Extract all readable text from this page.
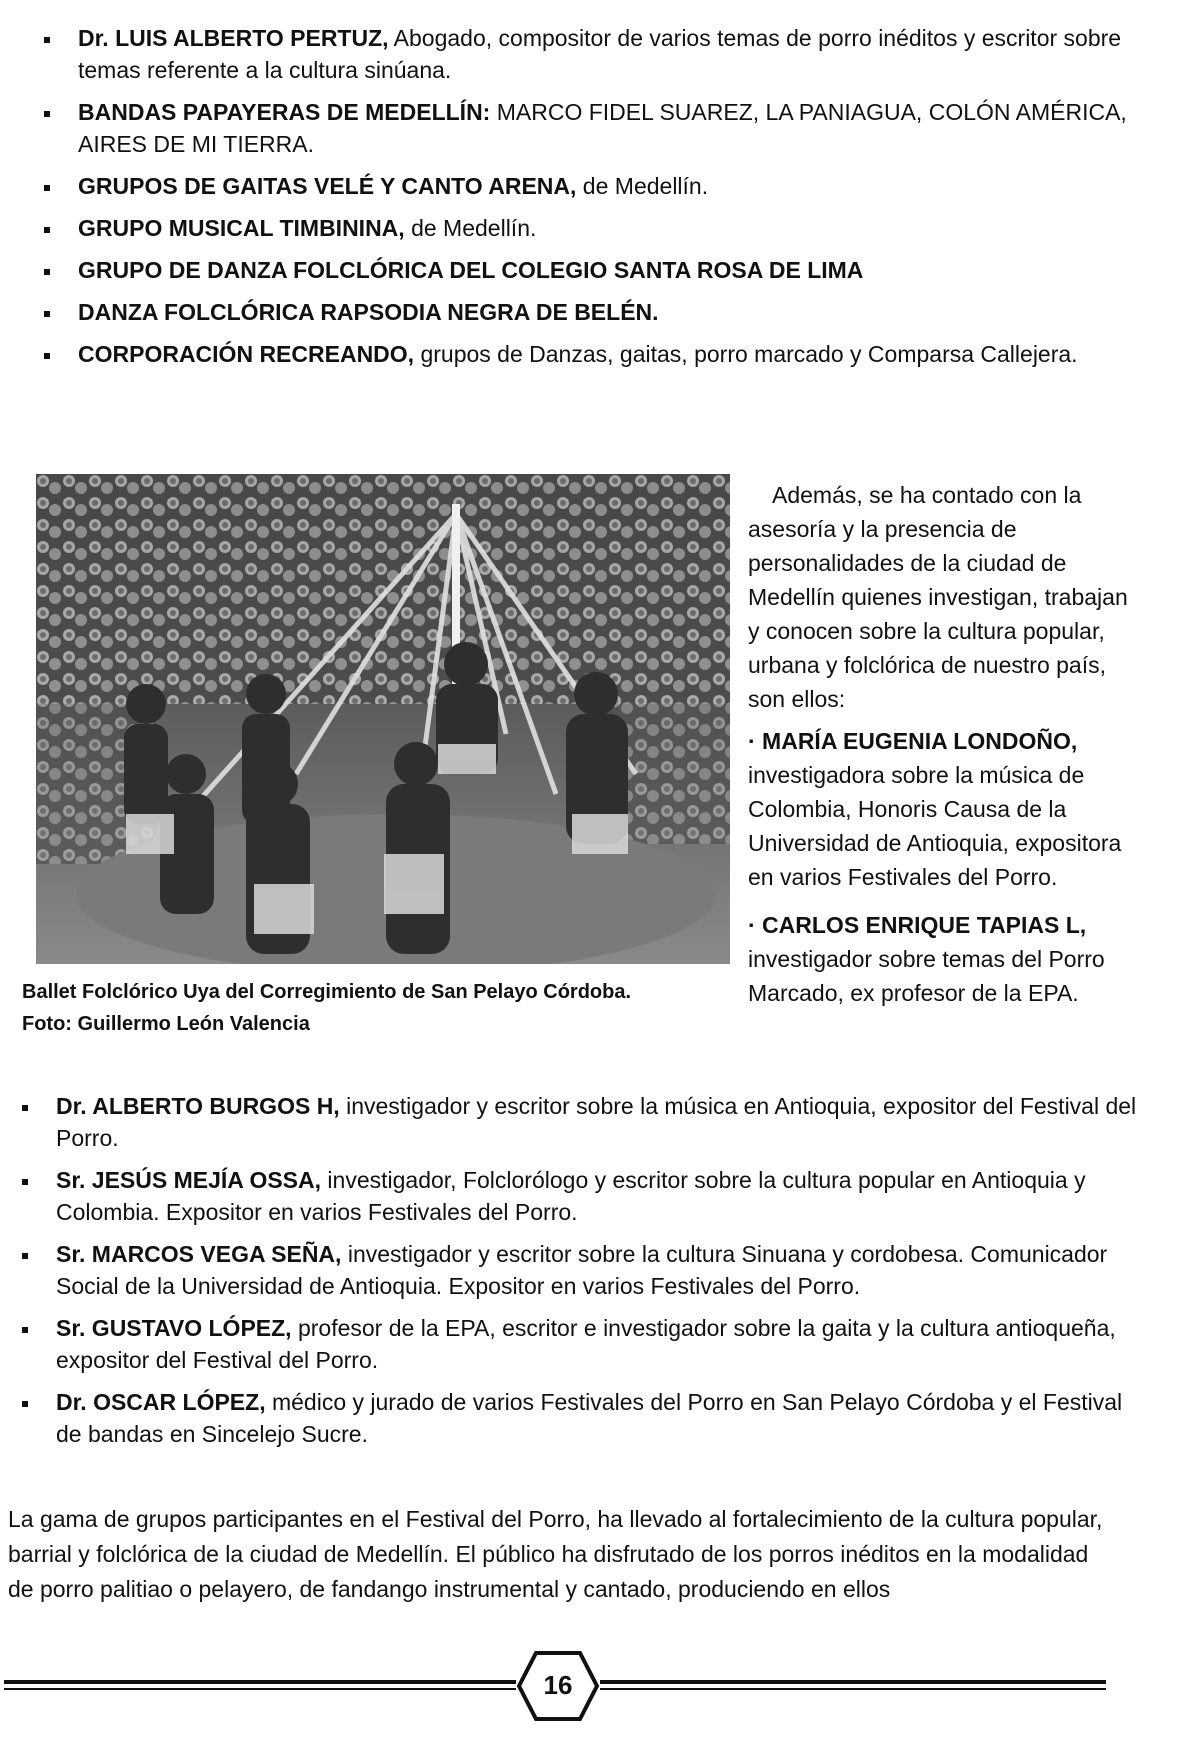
Dr. LUIS ALBERTO PERTUZ, Abogado, compositor de varios temas de porro inéditos y escritor sobre temas referente a la cultura sinúana.
BANDAS PAPAYERAS DE MEDELLÍN: MARCO FIDEL SUAREZ, LA PANIAGUA, COLÓN AMÉRICA, AIRES DE MI TIERRA.
GRUPOS DE GAITAS VELÉ Y CANTO ARENA, de Medellín.
GRUPO MUSICAL TIMBININA, de Medellín.
GRUPO DE DANZA FOLCLÓRICA DEL COLEGIO SANTA ROSA DE LIMA
DANZA FOLCLÓRICA RAPSODIA NEGRA DE BELÉN.
CORPORACIÓN RECREANDO, grupos de Danzas, gaitas, porro marcado y Comparsa Callejera.
Ballet Folclórico Uya del Corregimiento de San Pelayo Córdoba.
Foto: Guillermo León Valencia

Además, se ha contado con la asesoría y la presencia de personalidades de la ciudad de Medellín quienes investigan, trabajan y conocen sobre la cultura popular, urbana y folclórica de nuestro país, son ellos:

· MARÍA EUGENIA LONDOÑO,
investigadora sobre la música de Colombia, Honoris Causa de la Universidad de Antioquia, expositora en varios Festivales del Porro.

· CARLOS ENRIQUE TAPIAS L,
investigador sobre temas del Porro Marcado, ex profesor de la EPA.

Dr. ALBERTO BURGOS H, investigador y escritor sobre la música en Antioquia, expositor del Festival del Porro.
Sr. JESÚS MEJÍA OSSA, investigador, Folclorólogo y escritor sobre la cultura popular en Antioquia y Colombia. Expositor en varios Festivales del Porro.
Sr. MARCOS VEGA SEÑA, investigador y escritor sobre la cultura Sinuana y cordobesa. Comunicador Social de la Universidad de Antioquia. Expositor en varios Festivales del Porro.
Sr. GUSTAVO LÓPEZ, profesor de la EPA, escritor e investigador sobre la gaita y la cultura antioqueña, expositor del Festival del Porro.
Dr. OSCAR LÓPEZ, médico y jurado de varios Festivales del Porro en San Pelayo Córdoba y el Festival de bandas en Sincelejo Sucre.

La gama de grupos participantes en el Festival del Porro, ha llevado al fortalecimiento de la cultura popular, barrial y folclórica de la ciudad de Medellín. El público ha disfrutado de los porros inéditos en la modalidad de porro palitiao o pelayero, de fandango instrumental y cantado, produciendo en ellos

16
